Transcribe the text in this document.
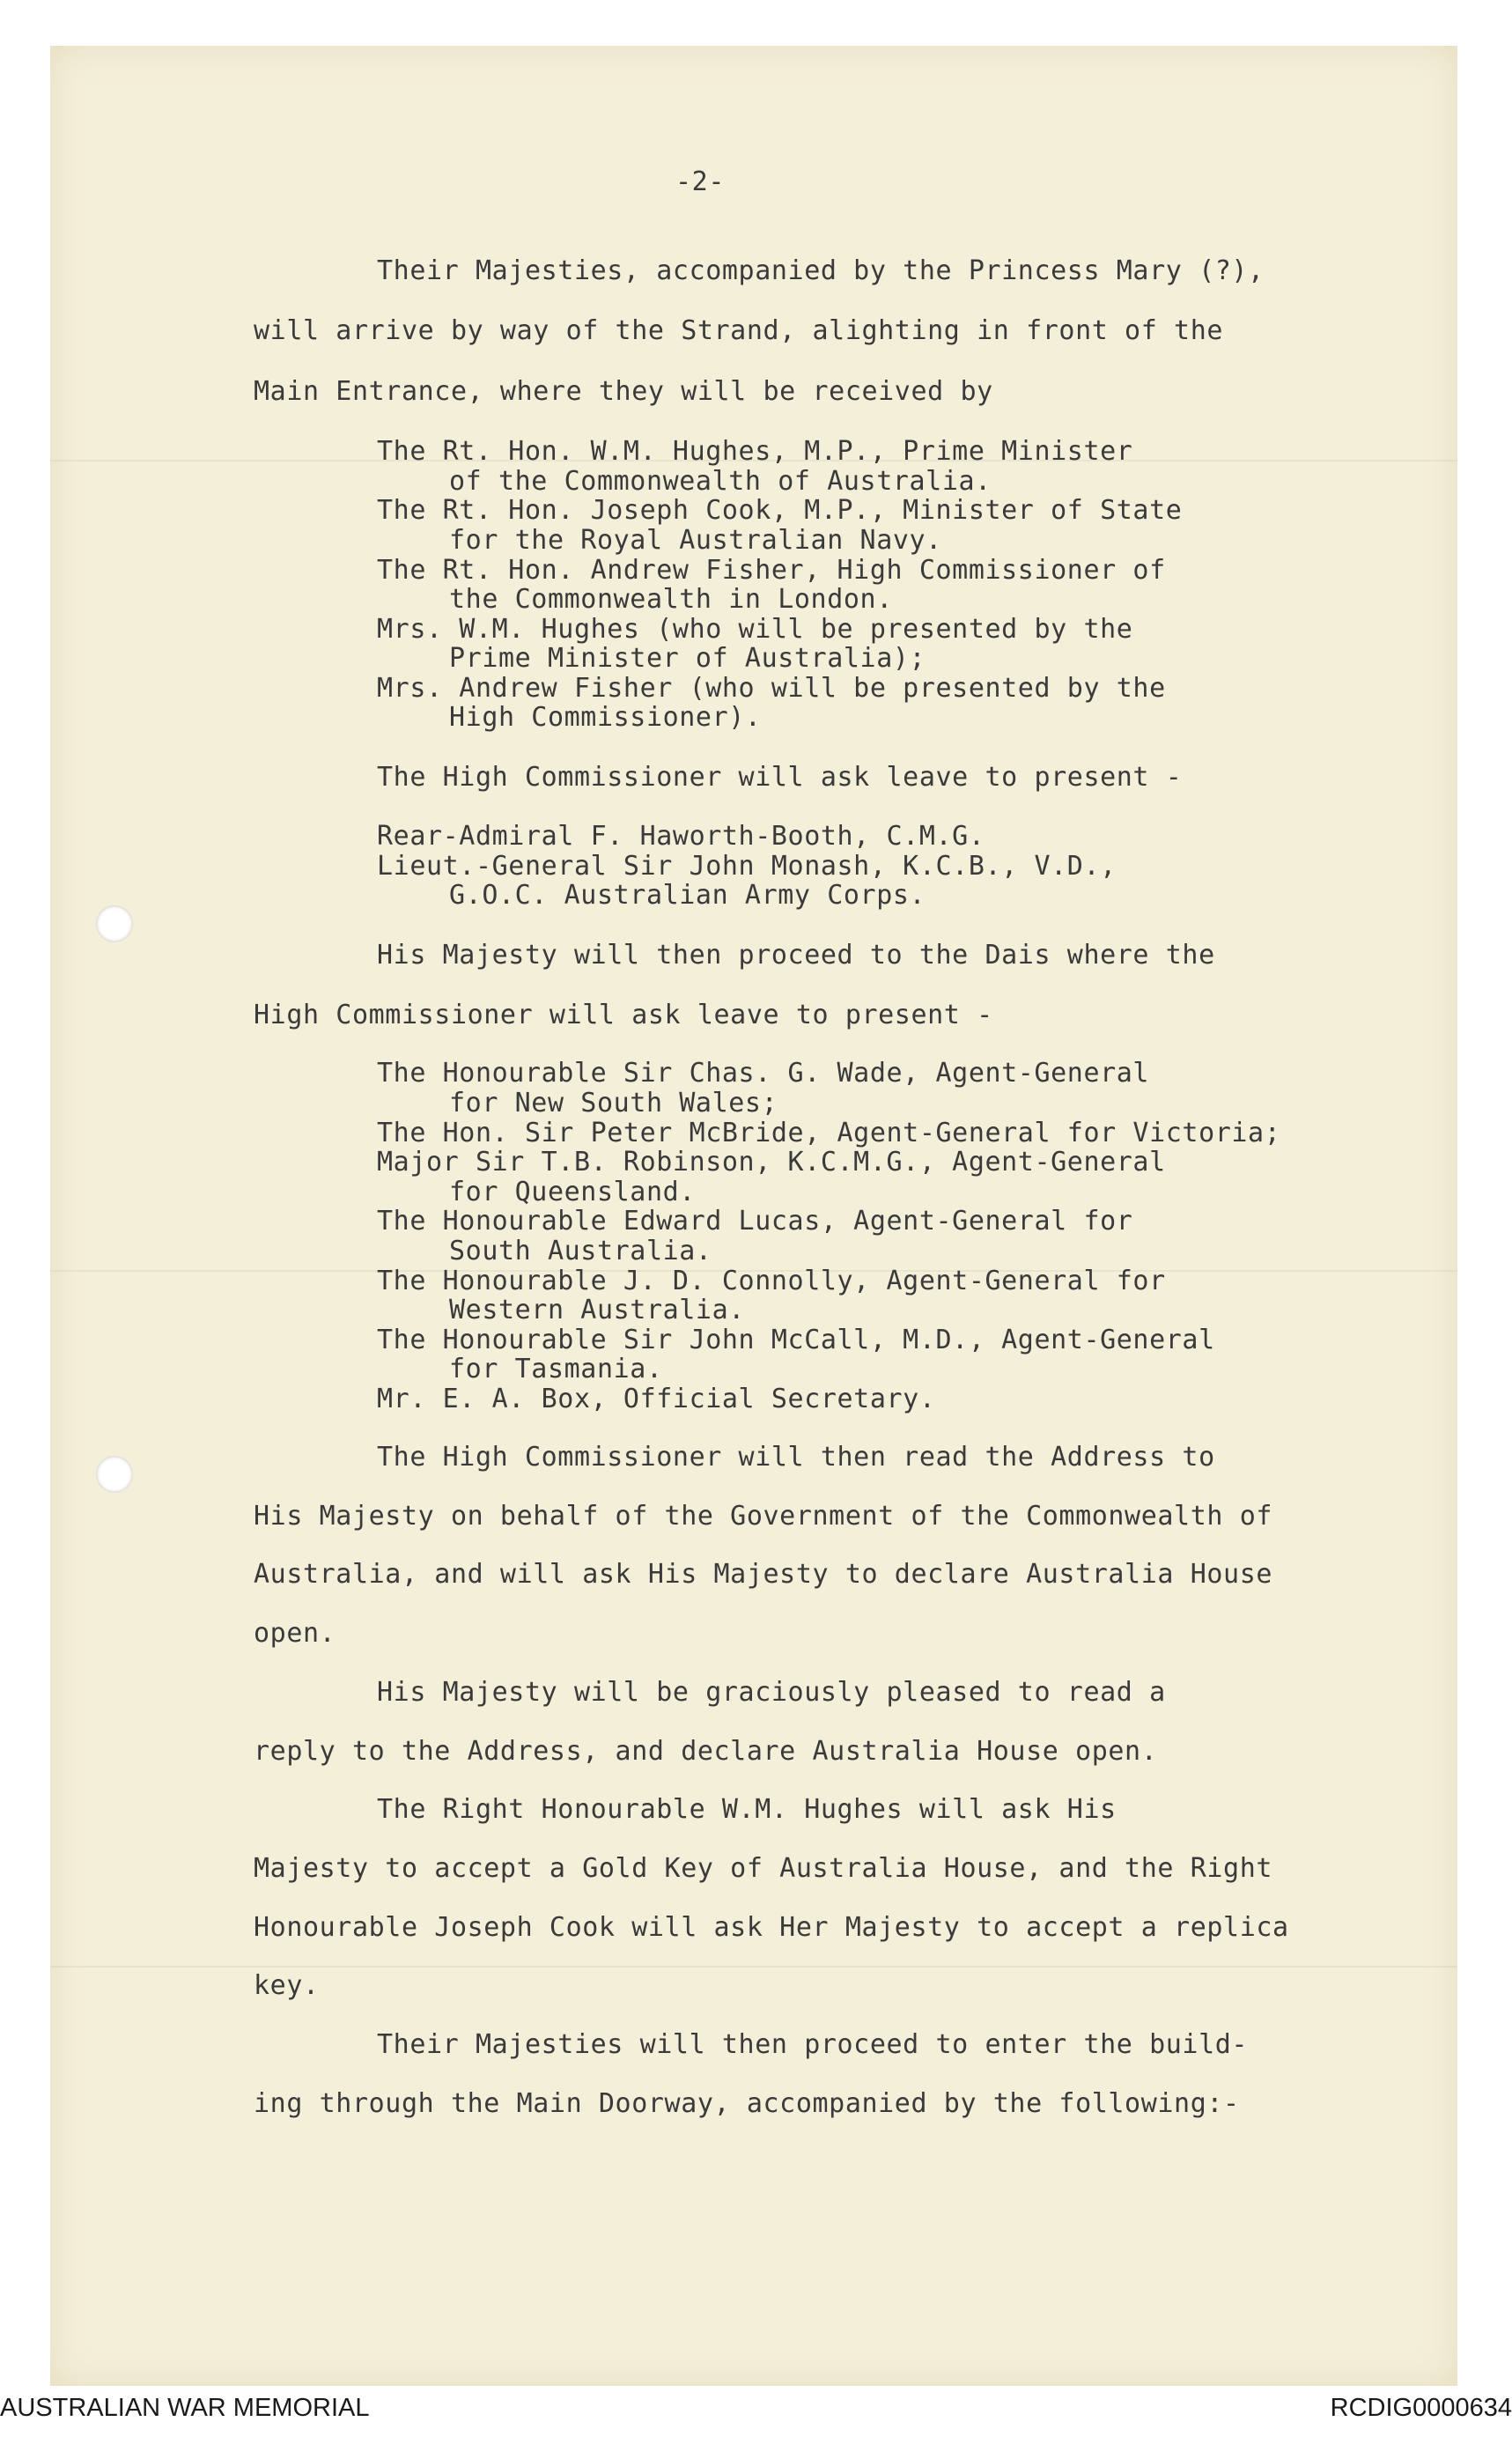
-2-
Their Majesties, accompanied by the Princess Mary (?),
will arrive by way of the Strand, alighting in front of the
Main Entrance, where they will be received by
The Rt. Hon. W.M. Hughes, M.P., Prime Minister
of the Commonwealth of Australia.
The Rt. Hon. Joseph Cook, M.P., Minister of State
for the Royal Australian Navy.
The Rt. Hon. Andrew Fisher, High Commissioner of
the Commonwealth in London.
Mrs. W.M. Hughes (who will be presented by the
Prime Minister of Australia);
Mrs. Andrew Fisher (who will be presented by the
High Commissioner).
The High Commissioner will ask leave to present -
Rear-Admiral F. Haworth-Booth, C.M.G.
Lieut.-General Sir John Monash, K.C.B., V.D.,
G.O.C. Australian Army Corps.
His Majesty will then proceed to the Dais where the
High Commissioner will ask leave to present -
The Honourable Sir Chas. G. Wade, Agent-General
for New South Wales;
The Hon. Sir Peter McBride, Agent-General for Victoria;
Major Sir T.B. Robinson, K.C.M.G., Agent-General
for Queensland.
The Honourable Edward Lucas, Agent-General for
South Australia.
The Honourable J. D. Connolly, Agent-General for
Western Australia.
The Honourable Sir John McCall, M.D., Agent-General
for Tasmania.
Mr. E. A. Box, Official Secretary.
The High Commissioner will then read the Address to
His Majesty on behalf of the Government of the Commonwealth of
Australia, and will ask His Majesty to declare Australia House
open.
His Majesty will be graciously pleased to read a
reply to the Address, and declare Australia House open.
The Right Honourable W.M. Hughes will ask His
Majesty to accept a Gold Key of Australia House, and the Right
Honourable Joseph Cook will ask Her Majesty to accept a replica
key.
Their Majesties will then proceed to enter the build-
ing through the Main Doorway, accompanied by the following:-
AUSTRALIAN WAR MEMORIAL	RCDIG0000634
